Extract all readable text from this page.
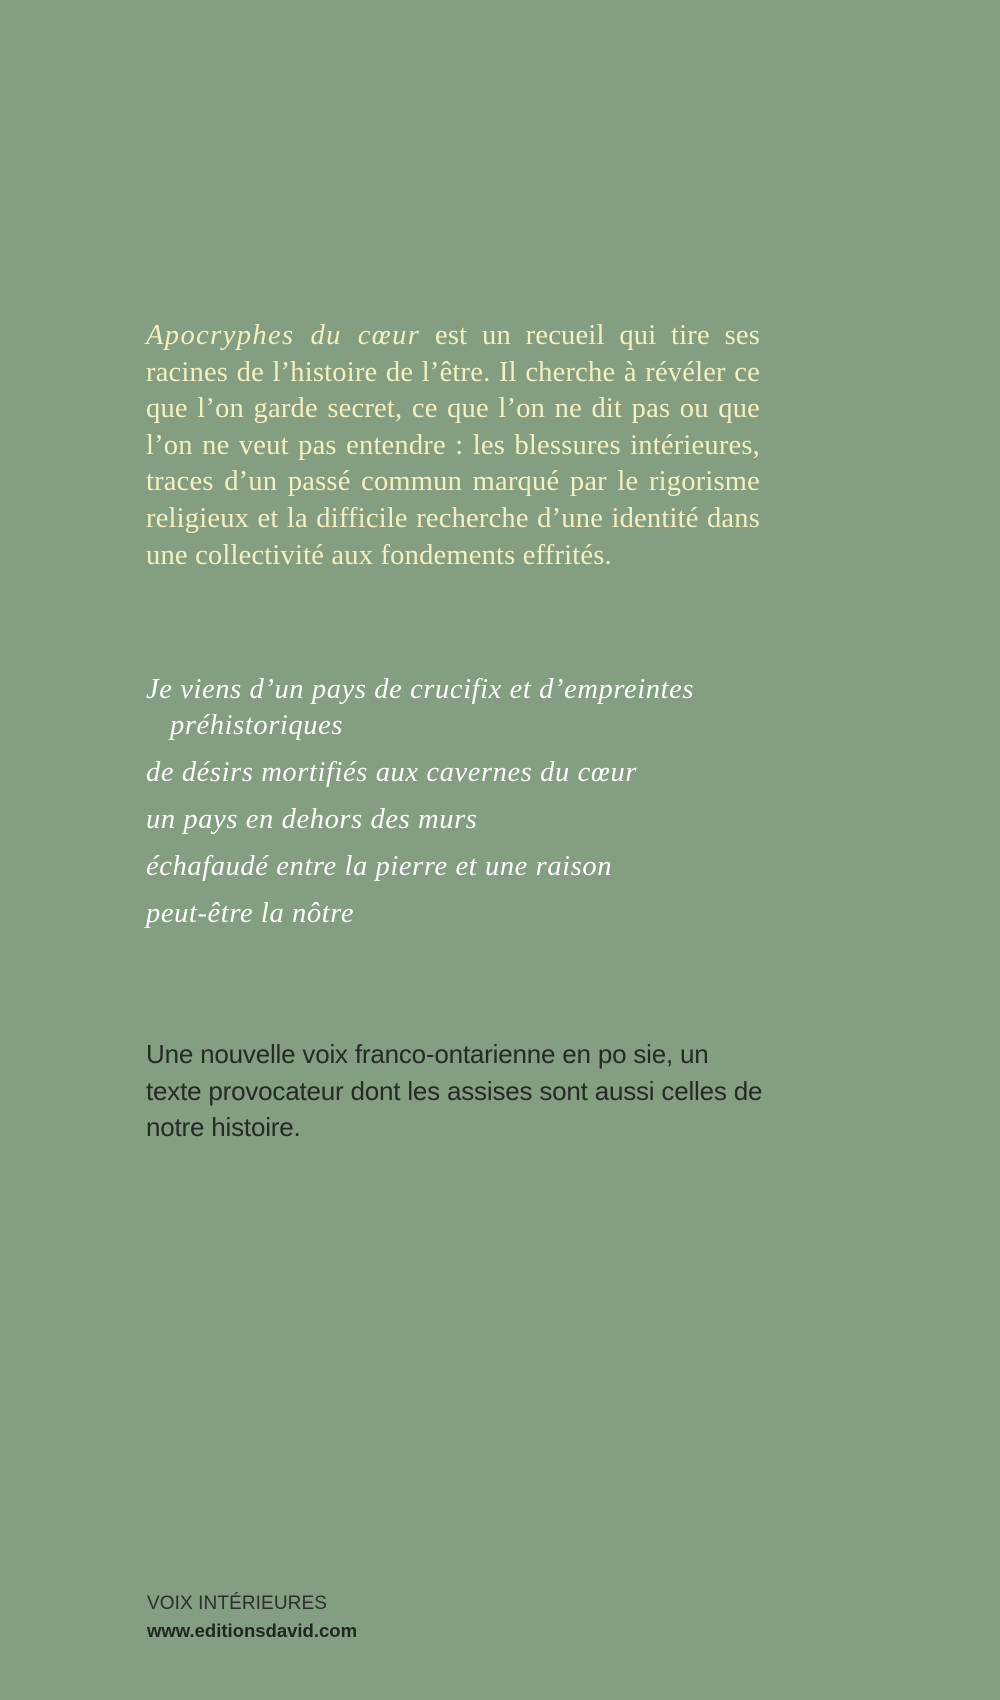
Apocryphes du cœur est un recueil qui tire ses racines de l’histoire de l’être. Il cherche à révéler ce que l’on garde secret, ce que l’on ne dit pas ou que l’on ne veut pas entendre : les blessures intérieures, traces d’un passé commun marqué par le rigorisme religieux et la difficile recherche d’une identité dans une collectivité aux fondements effrités.

Je viens d’un pays de crucifix et d’empreintes

préhistoriques

de désirs mortifiés aux cavernes du cœur

un pays en dehors des murs

échafaudé entre la pierre et une raison

peut-être la nôtre

Une nouvelle voix franco-ontarienne en po sie, un texte provocateur dont les assises sont aussi celles de notre histoire.

VOIX INTÉRIEURES

www.editionsdavid.com
